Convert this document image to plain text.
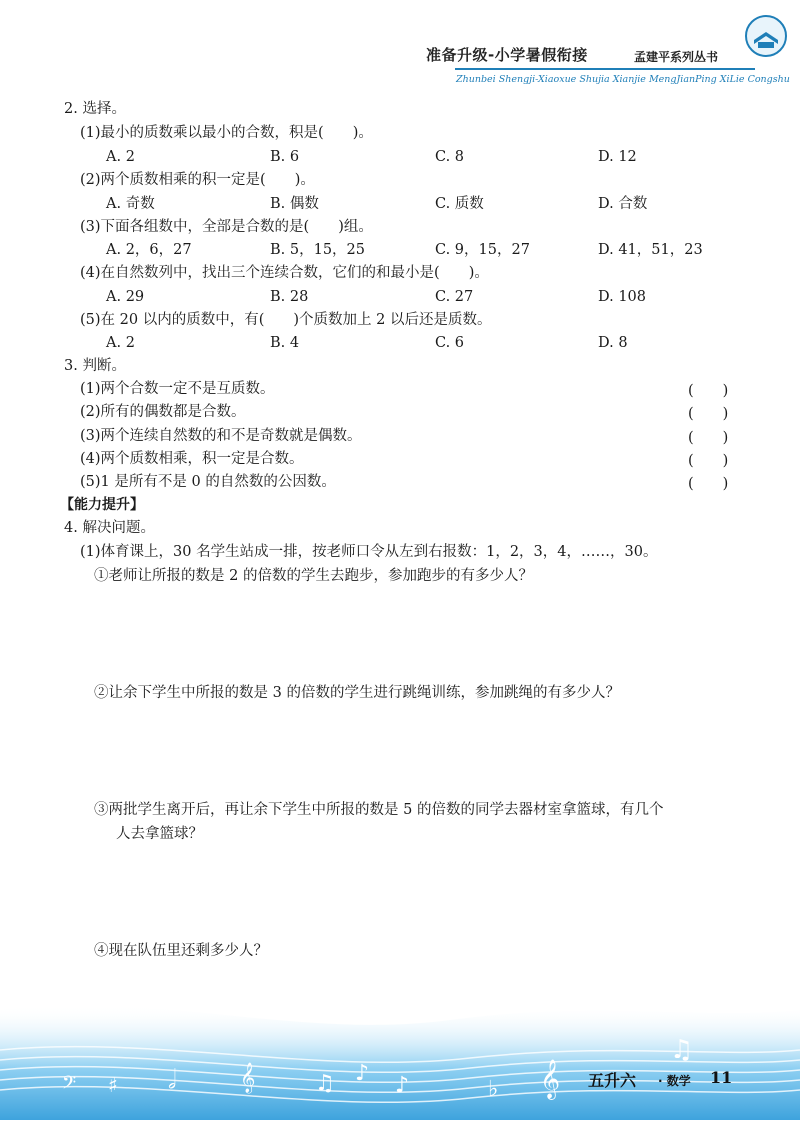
准备升级-小学暑假衔接	孟建平系列丛书
Zhunbei Shengji-Xiaoxue Shujia Xianjie MengJianPing XiLie Congshu
2. 选择。
(1)最小的质数乘以最小的合数，积是(　　)。
A. 2	B. 6	C. 8	D. 12
(2)两个质数相乘的积一定是(　　)。
A. 奇数	B. 偶数	C. 质数	D. 合数
(3)下面各组数中，全部是合数的是(　　)组。
A. 2，6，27	B. 5，15，25	C. 9，15，27	D. 41，51，23
(4)在自然数列中，找出三个连续合数，它们的和最小是(　　)。
A. 29	B. 28	C. 27	D. 108
(5)在 20 以内的质数中，有(　　)个质数加上 2 以后还是质数。
A. 2	B. 4	C. 6	D. 8
3. 判断。
(1)两个合数一定不是互质数。	(　　)
(2)所有的偶数都是合数。	(　　)
(3)两个连续自然数的和不是奇数就是偶数。	(　　)
(4)两个质数相乘，积一定是合数。	(　　)
(5)1 是所有不是 0 的自然数的公因数。	(　　)
【能力提升】
4. 解决问题。
(1)体育课上，30 名学生站成一排，按老师口令从左到右报数：1，2，3，4，……，30。
①老师让所报的数是 2 的倍数的学生去跑步，参加跑步的有多少人？
②让余下学生中所报的数是 3 的倍数的学生进行跳绳训练，参加跳绳的有多少人？
③两批学生离开后，再让余下学生中所报的数是 5 的倍数的同学去器材室拿篮球，有几个
人去拿篮球？
④现在队伍里还剩多少人？
𝄢 ♯ 𝅗𝅥 𝄞	♫ ♪ ♪	♭ 𝄞
♫
五升六 · 数学 11
